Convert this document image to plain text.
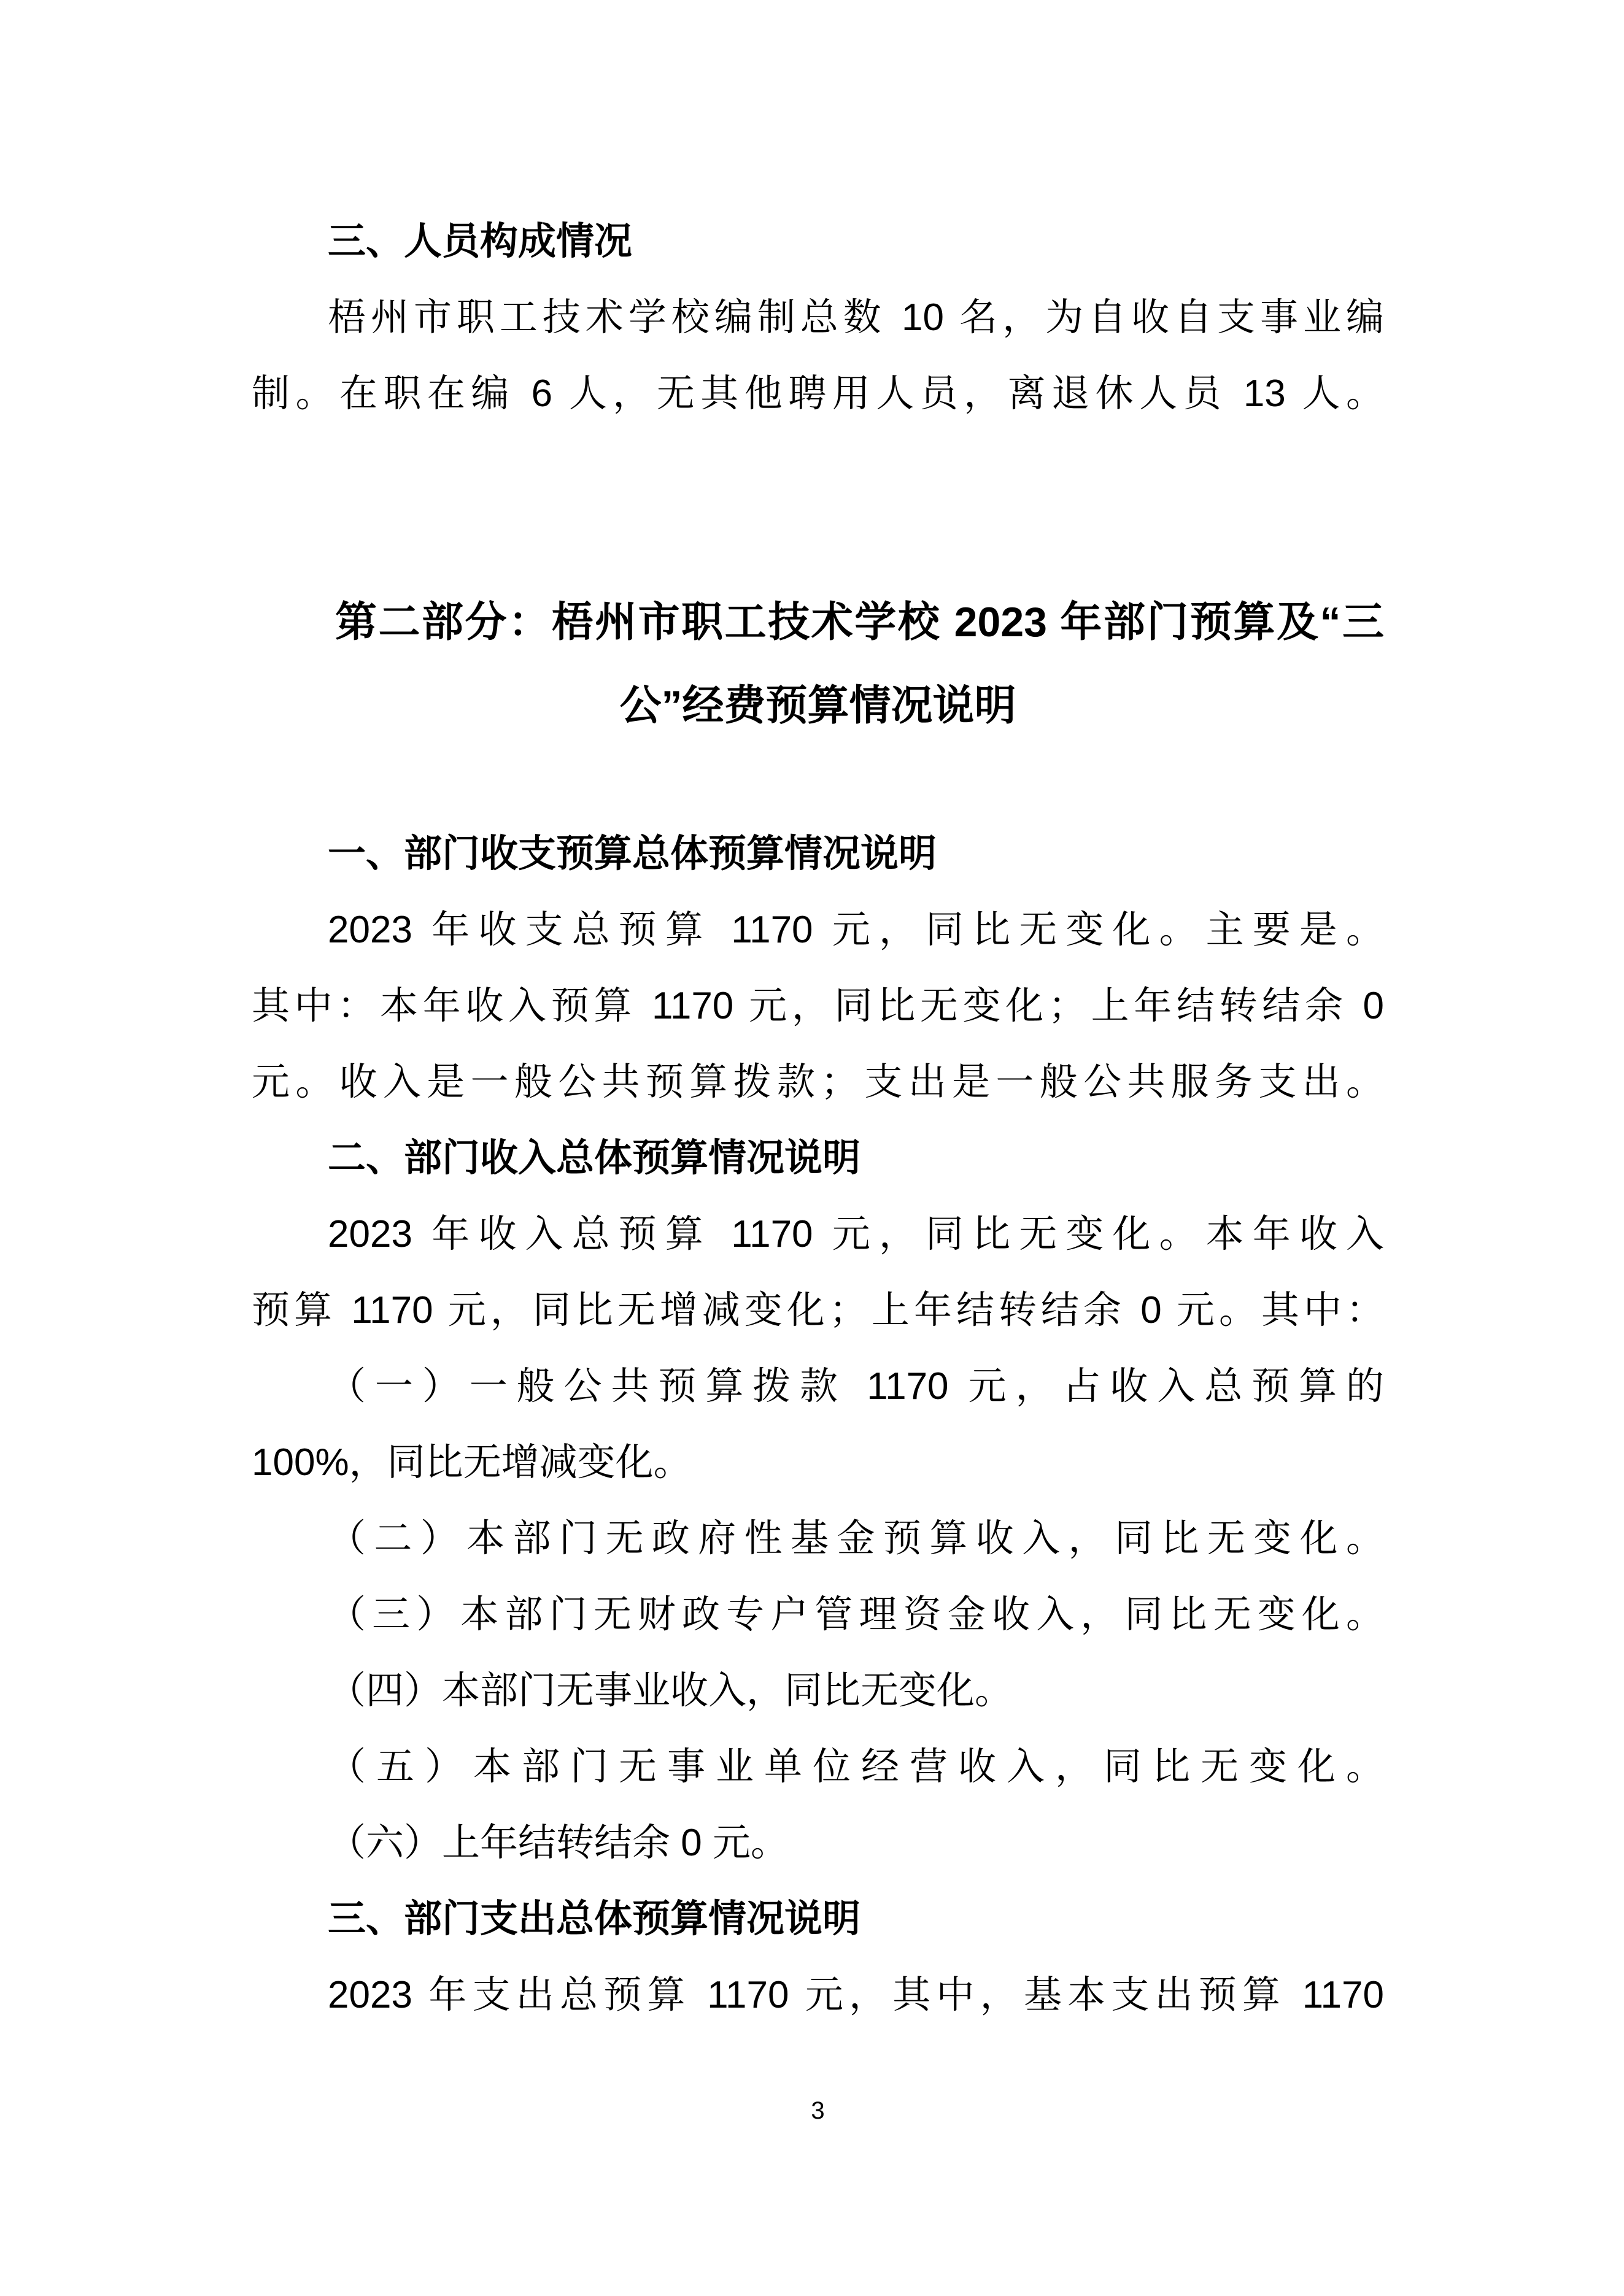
三、人员构成情况
梧州市职工技术学校编制总数 10 名，为自收自支事业编
制。在职在编 6 人，无其他聘用人员，离退休人员 13 人。
第二部分：梧州市职工技术学校 2023 年部门预算及“三
公”经费预算情况说明
一、部门收支预算总体预算情况说明
2023 年收支总预算 1170 元，同比无变化。主要是。
其中：本年收入预算 1170 元，同比无变化；上年结转结余 0
元。收入是一般公共预算拨款；支出是一般公共服务支出。
二、部门收入总体预算情况说明
2023 年收入总预算 1170 元，同比无变化。本年收入
预算 1170 元，同比无增减变化；上年结转结余 0 元。其中：
（一）一般公共预算拨款 1170 元，占收入总预算的
100%，同比无增减变化。
（二）本部门无政府性基金预算收入，同比无变化。
（三）本部门无财政专户管理资金收入，同比无变化。
（四）本部门无事业收入，同比无变化。
（五）本部门无事业单位经营收入，同比无变化。
（六）上年结转结余 0 元。
三、部门支出总体预算情况说明
2023 年支出总预算 1170 元，其中，基本支出预算 1170
3
